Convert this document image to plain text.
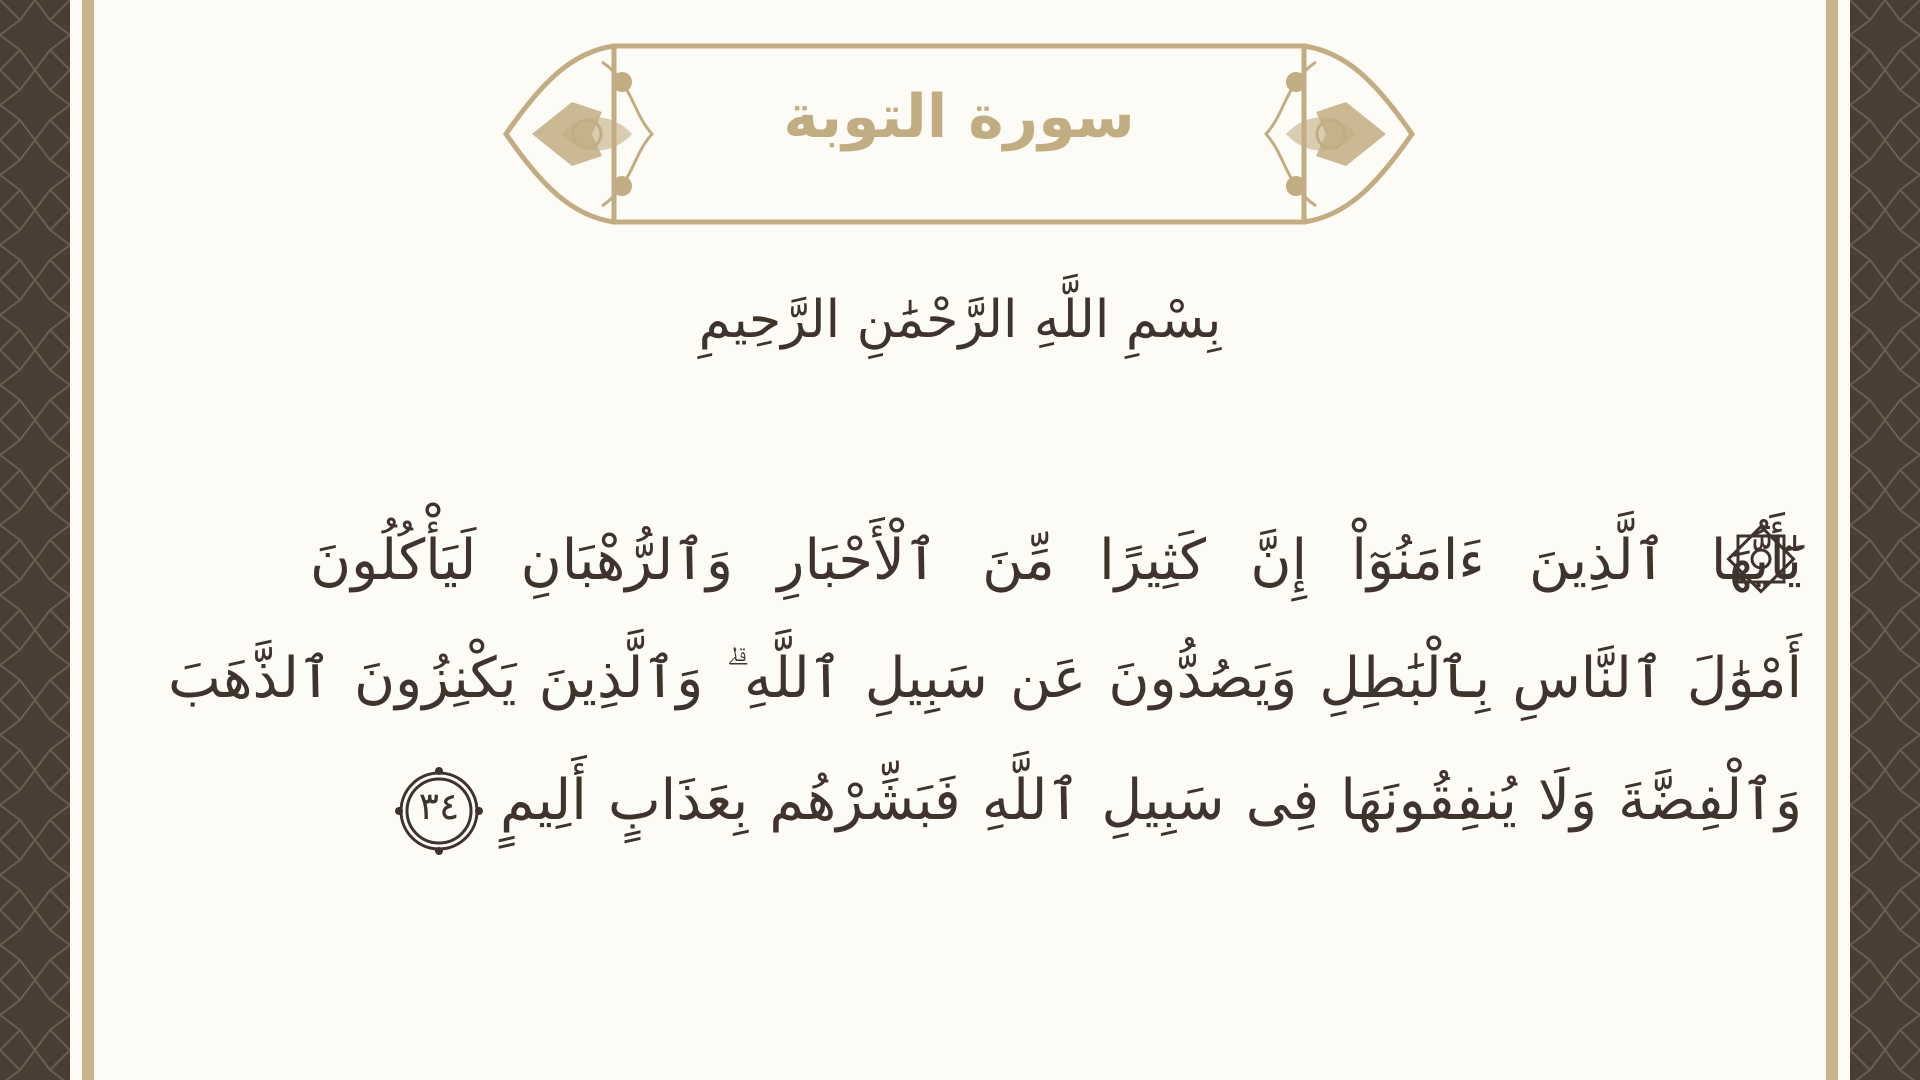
سورة التوبة
بِسْمِ اللَّهِ الرَّحْمَٰنِ الرَّحِيمِ
يَٰٓأَيُّهَا ٱلَّذِينَ ءَامَنُوٓاْ إِنَّ كَثِيرًا مِّنَ ٱلْأَحْبَارِ وَٱلرُّهْبَانِ لَيَأْكُلُونَ
أَمْوَٰلَ ٱلنَّاسِ بِٱلْبَٰطِلِ وَيَصُدُّونَ عَن سَبِيلِ ٱللَّهِ ۗ وَٱلَّذِينَ يَكْنِزُونَ ٱلذَّهَبَ
وَٱلْفِضَّةَ وَلَا يُنفِقُونَهَا فِى سَبِيلِ ٱللَّهِ فَبَشِّرْهُم بِعَذَابٍ أَلِيمٍ
٣٤
